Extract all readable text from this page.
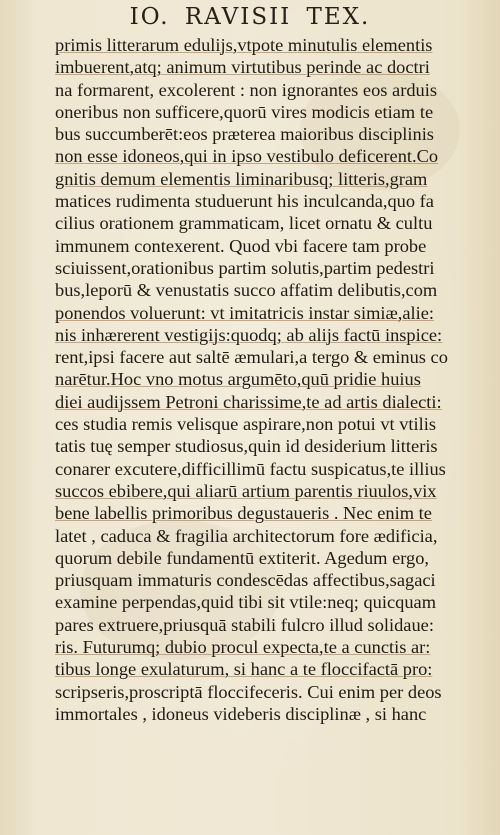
IO. RAVISII TEX.
primis litterarum edulijs,vtpote minutulis elementis
imbuerent,atq; animum virtutibus perinde ac doctri
na formarent, excolerent : non ignorantes eos arduis
oneribus non sufficere,quorū vires modicis etiam te
bus succumberēt:eos præterea maioribus disciplinis
non esse idoneos,qui in ipso vestibulo deficerent.Co
gnitis demum elementis liminaribusq; litteris,gram
matices rudimenta studuerunt his inculcanda,quo fa
cilius orationem grammaticam, licet ornatu & cultu
immunem contexerent. Quod vbi facere tam probe
sciuissent,orationibus partim solutis,partim pedestri
bus,leporū & venustatis succo affatim delibutis,com
ponendos voluerunt: vt imitatricis instar simiæ,alie:
nis inhærerent vestigijs:quodq; ab alijs factū inspice:
rent,ipsi facere aut saltē æmulari,a tergo & eminus co
narētur.Hoc vno motus argumēto,quū pridie huius
diei audijssem Petroni charissime,te ad artis dialecti:
ces studia remis velisque aspirare,non potui vt vtilis
tatis tuę semper studiosus,quin id desiderium litteris
conarer excutere,difficillimū factu suspicatus,te illius
succos ebibere,qui aliarū artium parentis riuulos,vix
bene labellis primoribus degustaueris . Nec enim te
latet , caduca & fragilia architectorum fore ædificia,
quorum debile fundamentū extiterit. Agedum ergo,
priusquam immaturis condescēdas affectibus,sagaci
examine perpendas,quid tibi sit vtile:neq; quicquam
pares extruere,priusquā stabili fulcro illud solidaue:
ris. Futurumq; dubio procul expecta,te a cunctis ar:
tibus longe exulaturum, si hanc a te floccifactā pro:
scripseris,proscriptā floccifeceris. Cui enim per deos
immortales , idoneus videberis disciplinæ , si hanc
